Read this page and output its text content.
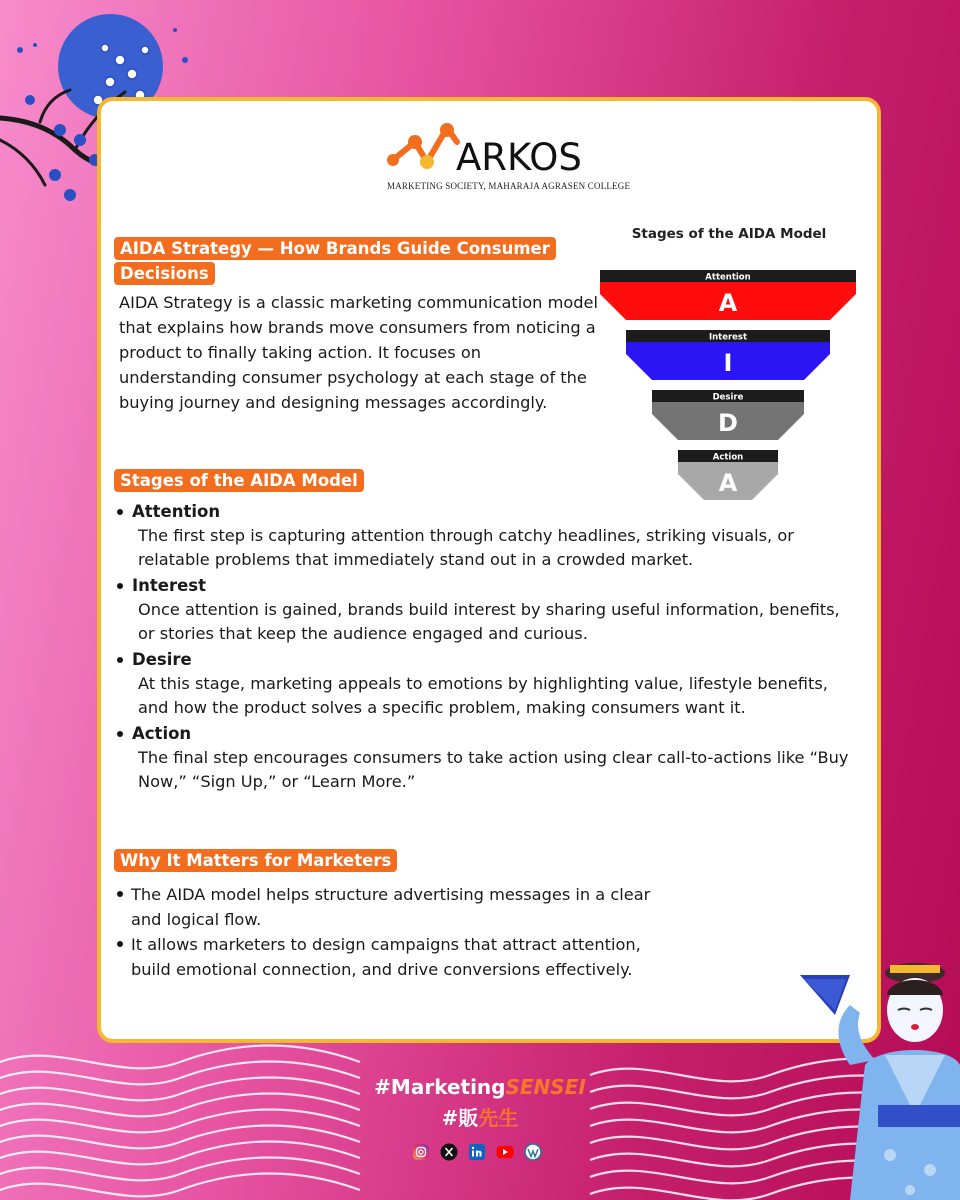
ARKOS
MARKETING SOCIETY, MAHARAJA AGRASEN COLLEGE
AIDA Strategy — How Brands Guide Consumer Decisions

AIDA Strategy is a classic marketing communication model that explains how brands move consumers from noticing a product to finally taking action. It focuses on understanding consumer psychology at each stage of the buying journey and designing messages accordingly.

Stages of the AIDA Model
Attention
A
Interest
I
Desire
D
Action
A
Stages of the AIDA Model
Attention
The first step is capturing attention through catchy headlines, striking visuals, or relatable problems that immediately stand out in a crowded market.
Interest
Once attention is gained, brands build interest by sharing useful information, benefits, or stories that keep the audience engaged and curious.
Desire
At this stage, marketing appeals to emotions by highlighting value, lifestyle benefits, and how the product solves a specific problem, making consumers want it.
Action
The final step encourages consumers to take action using clear call-to-actions like “Buy Now,” “Sign Up,” or “Learn More.”
Why It Matters for Marketers
The AIDA model helps structure advertising messages in a clear and logical flow.
It allows marketers to design campaigns that attract attention, build emotional connection, and drive conversions effectively.
#MarketingSENSEI
#販先生
